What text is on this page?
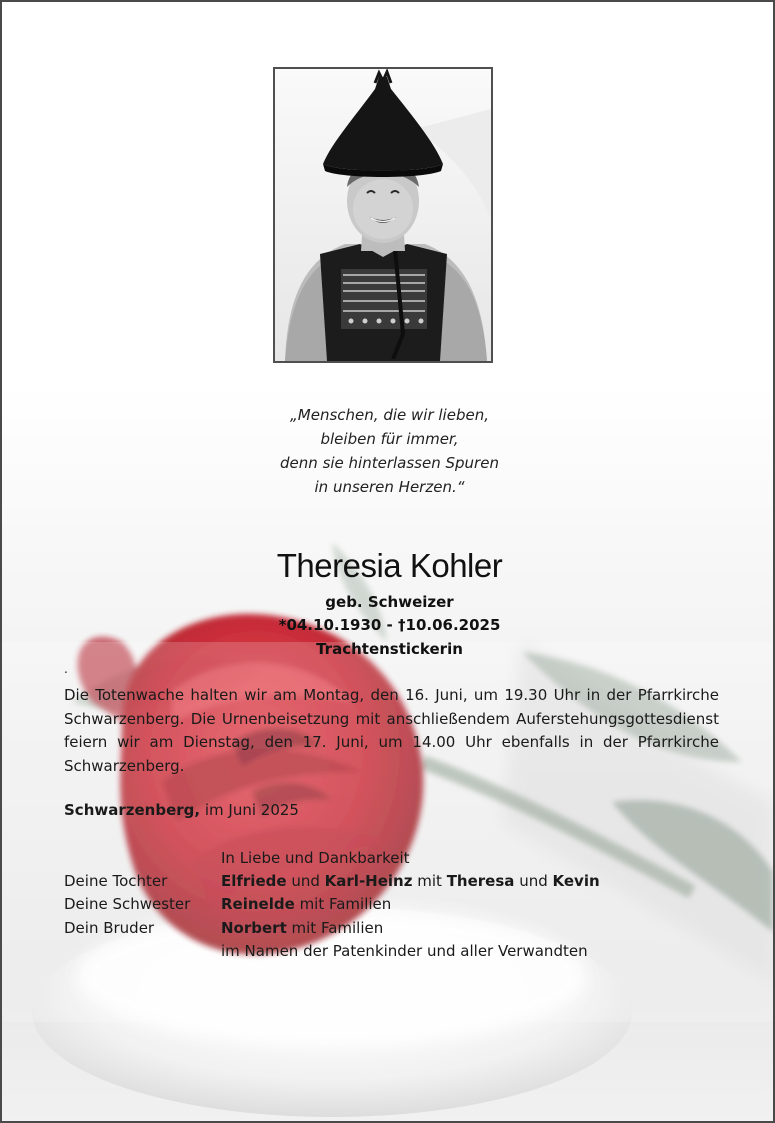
„Menschen, die wir lieben,
bleiben für immer,
denn sie hinterlassen Spuren
in unseren Herzen.“
Theresia Kohler
geb. Schweizer
*04.10.1930 - †10.06.2025
Trachtenstickerin
.
Die Totenwache halten wir am Montag, den 16. Juni, um 19.30 Uhr in der Pfarrkirche Schwarzenberg. Die Urnenbeisetzung mit anschließendem Auferstehungsgottesdienst feiern wir am Dienstag, den 17. Juni, um 14.00 Uhr ebenfalls in der Pfarrkirche Schwarzenberg.
Schwarzenberg, im Juni 2025
In Liebe und Dankbarkeit
Deine Tochter	Elfriede und Karl-Heinz mit Theresa und Kevin
Deine Schwester Reinelde mit Familien
Dein Bruder	Norbert mit Familien
im Namen der Patenkinder und aller Verwandten
